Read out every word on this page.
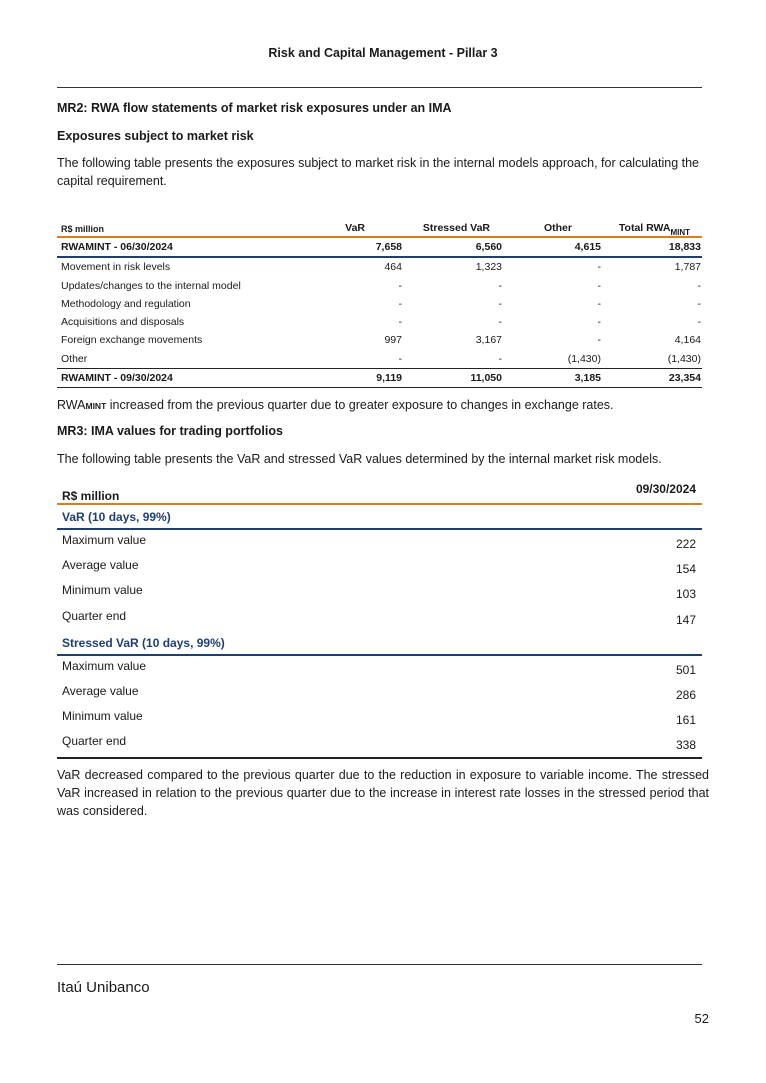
Risk and Capital Management - Pillar 3
MR2: RWA flow statements of market risk exposures under an IMA
Exposures subject to market risk
The following table presents the exposures subject to market risk in the internal models approach, for calculating the capital requirement.
R$ million	VaR	Stressed VaR	Other	Total $RWA_{MINT}$
RWAMINT - 06/30/2024	7,658	6,560	4,615	18,833
Movement in risk levels	464	1,323	-	1,787
Updates/changes to the internal model	-	-	-	-
Methodology and regulation	-	-	-	-
Acquisitions and disposals	-	-	-	-
Foreign exchange movements	997	3,167	-	4,164
Other	-	-	(1,430)	(1,430)
RWAMINT - 09/30/2024	9,119	11,050	3,185	23,354
RWAMINT increased from the previous quarter due to greater exposure to changes in exchange rates.
MR3: IMA values for trading portfolios
The following table presents the VaR and stressed VaR values determined by the internal market risk models.
R$ million	09/30/2024
VaR (10 days, 99%)
Maximum value	222
Average value	154
Minimum value	103
Quarter end	147
Stressed VaR (10 days, 99%)
Maximum value	501
Average value	286
Minimum value	161
Quarter end	338
VaR decreased compared to the previous quarter due to the reduction in exposure to variable income. The stressed VaR increased in relation to the previous quarter due to the increase in interest rate losses in the stressed period that was considered.
Itaú Unibanco
52
